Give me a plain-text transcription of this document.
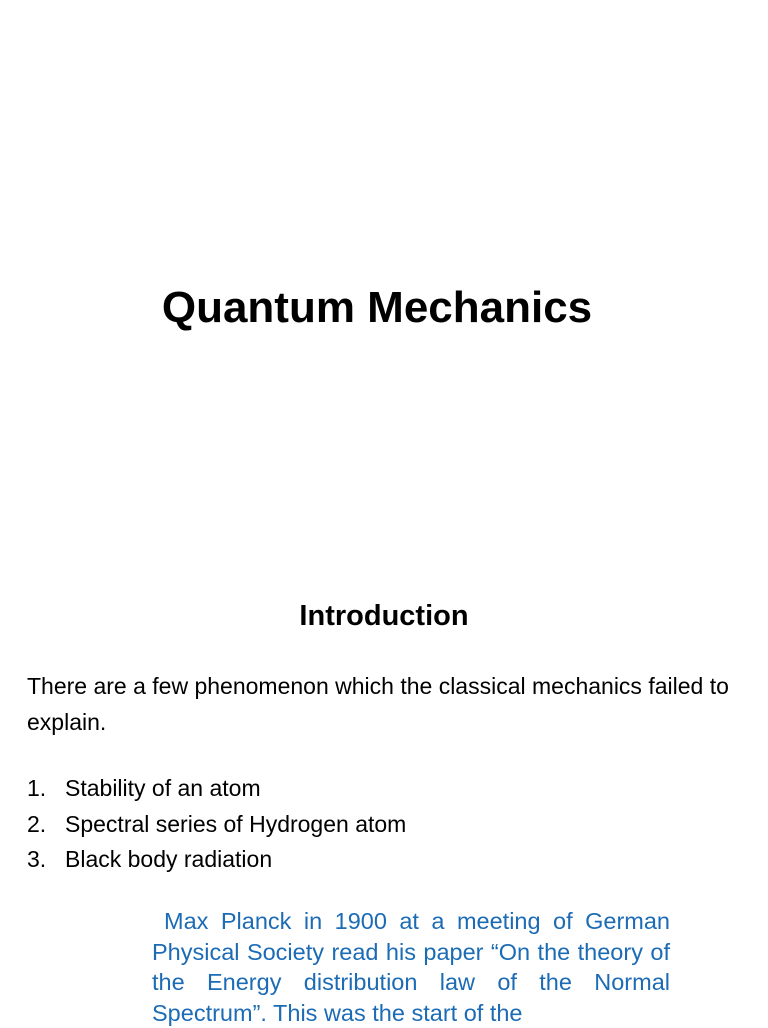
Quantum Mechanics
Introduction

There are a few phenomenon which the classical mechanics failed to explain.

1. Stability of an atom
2. Spectral series of Hydrogen atom
3. Black body radiation

Max Planck in 1900 at a meeting of German Physical Society read his paper “On the theory of the Energy distribution law of the Normal Spectrum”. This was the start of the
